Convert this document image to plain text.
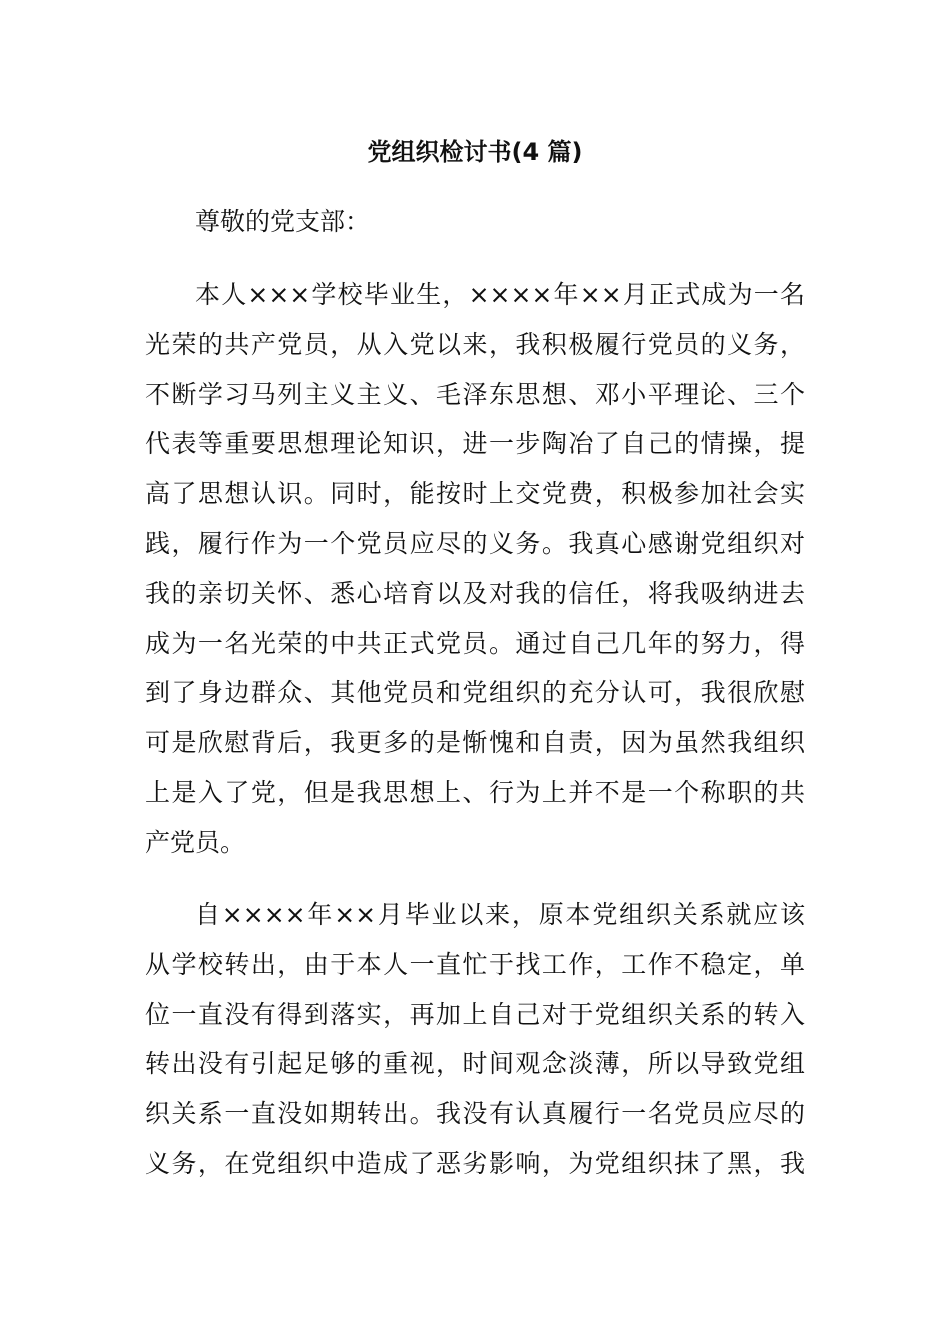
党组织检讨书(4 篇)
尊敬的党支部：
本人×××学校毕业生，××××年××月正式成为一名
光荣的共产党员，从入党以来，我积极履行党员的义务，
不断学习马列主义主义、毛泽东思想、邓小平理论、三个
代表等重要思想理论知识，进一步陶冶了自己的情操，提
高了思想认识。同时，能按时上交党费，积极参加社会实
践，履行作为一个党员应尽的义务。我真心感谢党组织对
我的亲切关怀、悉心培育以及对我的信任，将我吸纳进去
成为一名光荣的中共正式党员。通过自己几年的努力，得
到了身边群众、其他党员和党组织的充分认可，我很欣慰
可是欣慰背后，我更多的是惭愧和自责，因为虽然我组织
上是入了党，但是我思想上、行为上并不是一个称职的共
产党员。
自××××年××月毕业以来，原本党组织关系就应该
从学校转出，由于本人一直忙于找工作，工作不稳定，单
位一直没有得到落实，再加上自己对于党组织关系的转入
转出没有引起足够的重视，时间观念淡薄，所以导致党组
织关系一直没如期转出。我没有认真履行一名党员应尽的
义务，在党组织中造成了恶劣影响，为党组织抹了黑，我
